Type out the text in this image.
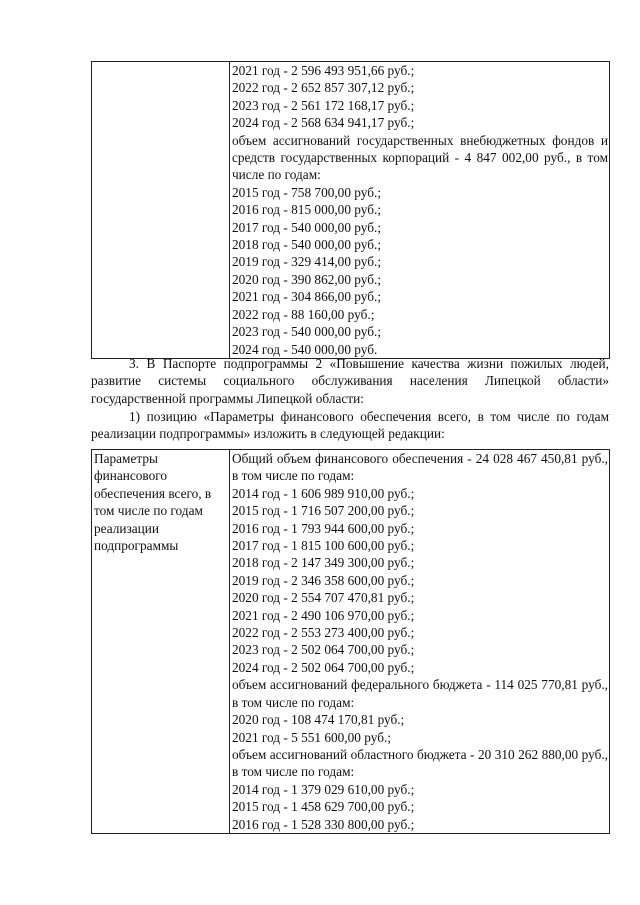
2021 год - 2 596 493 951,66 руб.;
2022 год - 2 652 857 307,12 руб.;
2023 год - 2 561 172 168,17 руб.;
2024 год - 2 568 634 941,17 руб.;
объем ассигнований государственных внебюджетных фондов и средств государственных корпораций - 4 847 002,00 руб., в том числе по годам:
2015 год - 758 700,00 руб.;
2016 год - 815 000,00 руб.;
2017 год - 540 000,00 руб.;
2018 год - 540 000,00 руб.;
2019 год - 329 414,00 руб.;
2020 год - 390 862,00 руб.;
2021 год - 304 866,00 руб.;
2022 год - 88 160,00 руб.;
2023 год - 540 000,00 руб.;
2024 год - 540 000,00 руб.
3. В Паспорте подпрограммы 2 «Повышение качества жизни пожилых людей, развитие системы социального обслуживания населения Липецкой области» государственной программы Липецкой области:
1) позицию «Параметры финансового обеспечения всего, в том числе по годам реализации подпрограммы» изложить в следующей редакции:
Параметры финансового обеспечения всего, в том числе по годам реализации подпрограммы	
Общий объем финансового обеспечения - 24 028 467 450,81 руб., в том числе по годам:
2014 год - 1 606 989 910,00 руб.;
2015 год - 1 716 507 200,00 руб.;
2016 год - 1 793 944 600,00 руб.;
2017 год - 1 815 100 600,00 руб.;
2018 год - 2 147 349 300,00 руб.;
2019 год - 2 346 358 600,00 руб.;
2020 год - 2 554 707 470,81 руб.;
2021 год - 2 490 106 970,00 руб.;
2022 год - 2 553 273 400,00 руб.;
2023 год - 2 502 064 700,00 руб.;
2024 год - 2 502 064 700,00 руб.;
объем ассигнований федерального бюджета - 114 025 770,81 руб., в том числе по годам:
2020 год - 108 474 170,81 руб.;
2021 год - 5 551 600,00 руб.;
объем ассигнований областного бюджета - 20 310 262 880,00 руб., в том числе по годам:
2014 год - 1 379 029 610,00 руб.;
2015 год - 1 458 629 700,00 руб.;
2016 год - 1 528 330 800,00 руб.;
